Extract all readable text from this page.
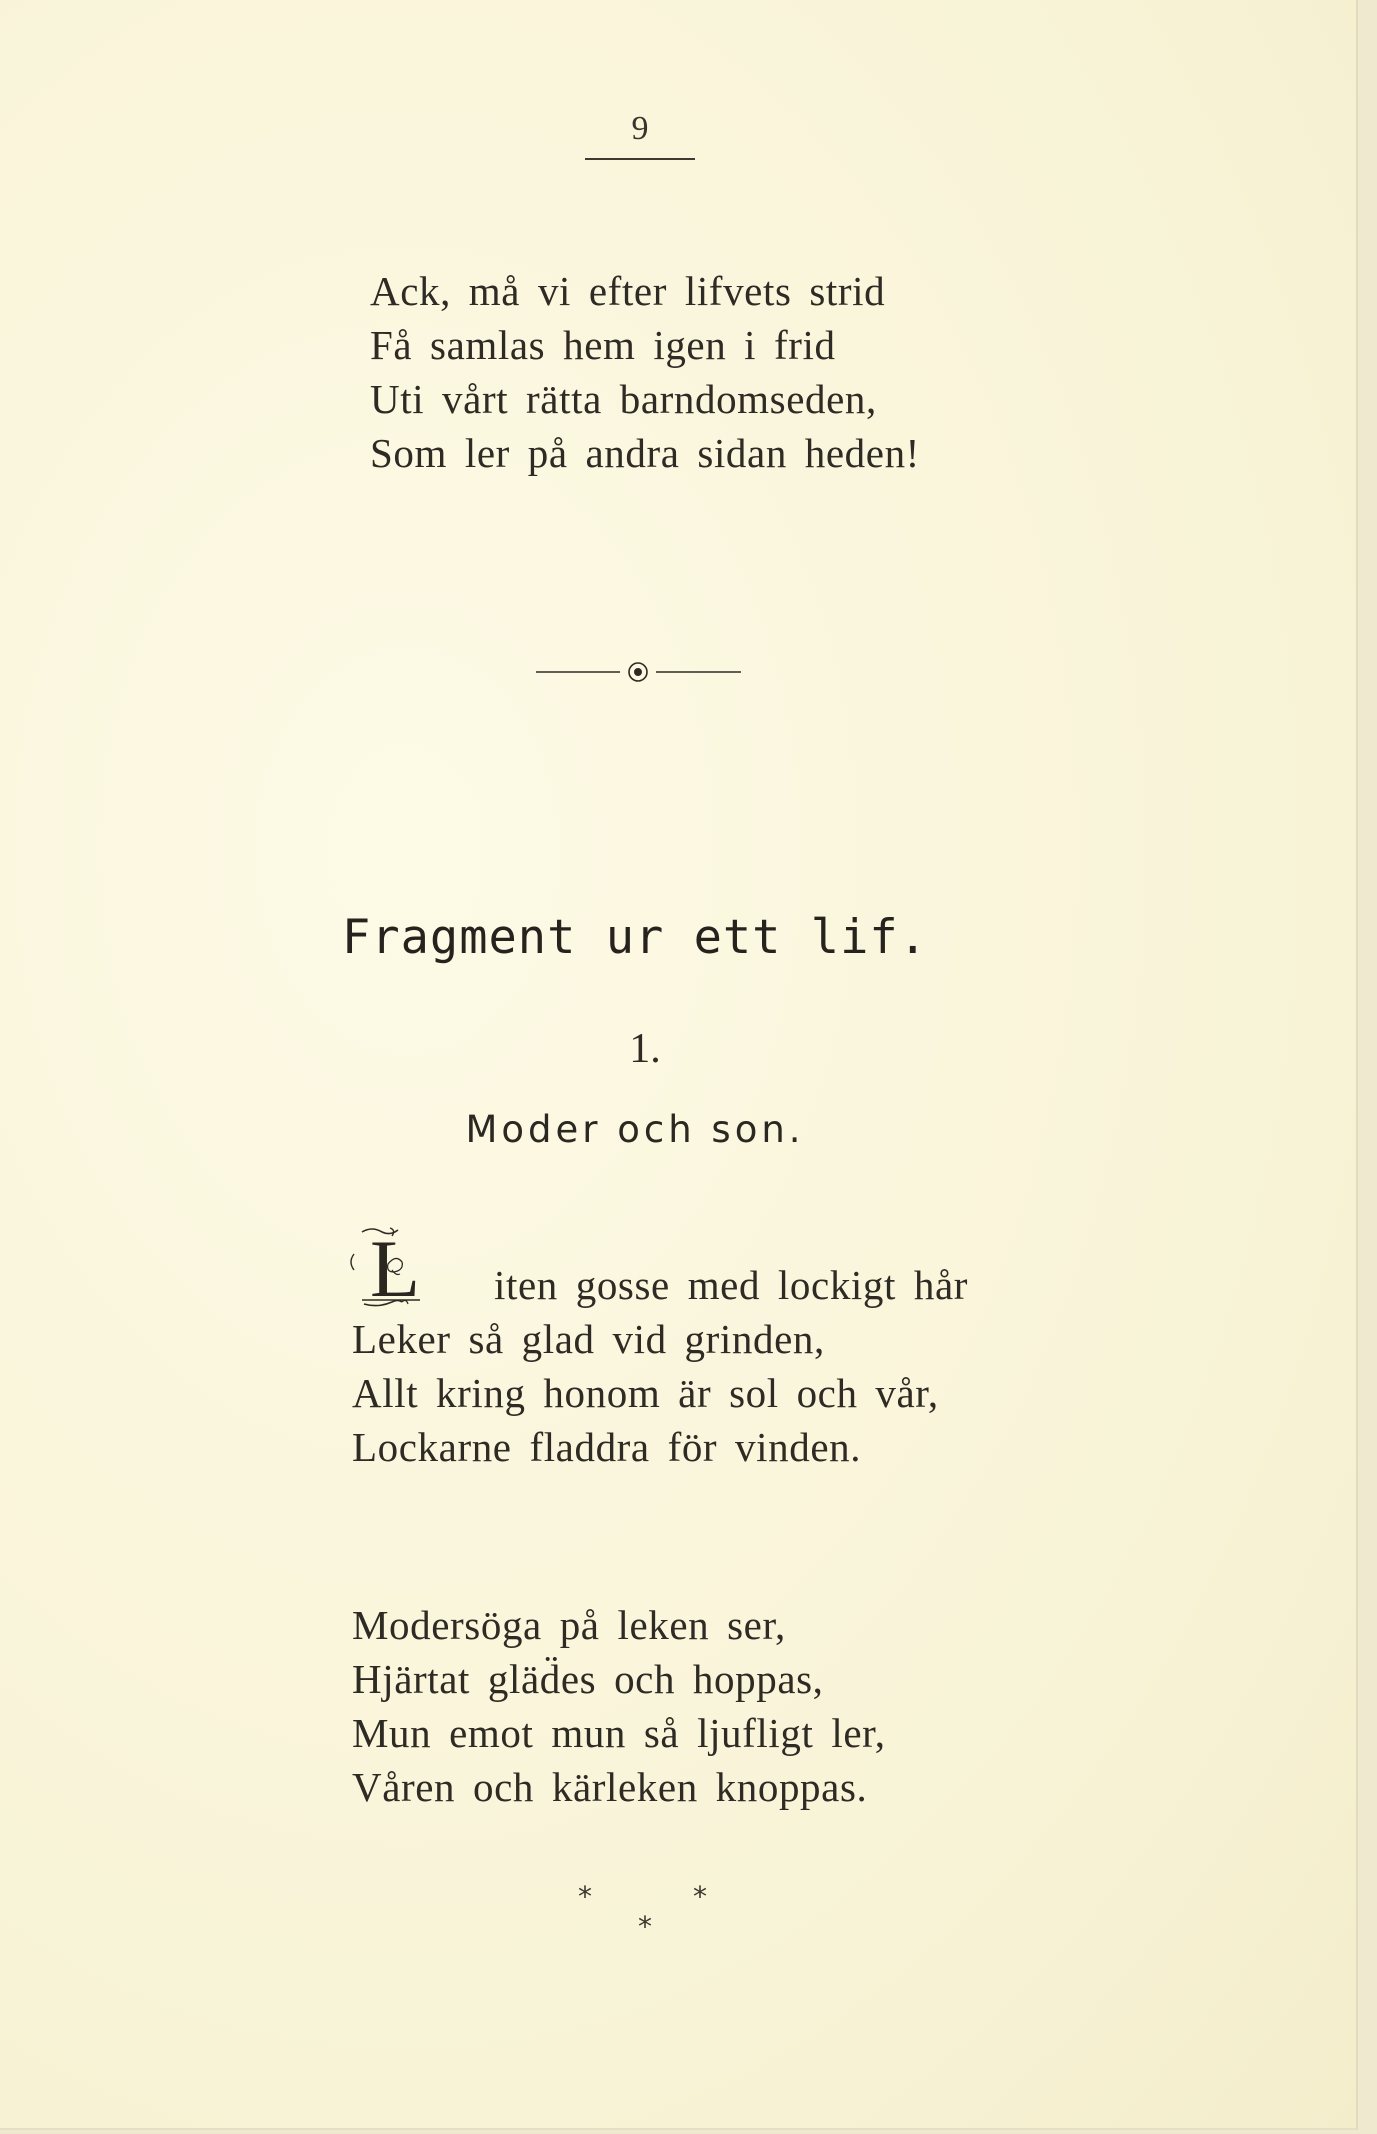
9
Ack, må vi efter lifvets strid
Få samlas hem igen i frid
Uti vårt rätta barndomseden,
Som ler på andra sidan heden!
Fragment ur ett lif.
1.
Moder och son.
L	iten gosse med lockigt hår
Leker så glad vid grinden,
Allt kring honom är sol och vår,
Lockarne fladdra för vinden.
Modersöga på leken ser,
Hjärtat gläd̈es och hoppas,
Mun emot mun så ljufligt ler,
Våren och kärleken knoppas.
*	*
*
